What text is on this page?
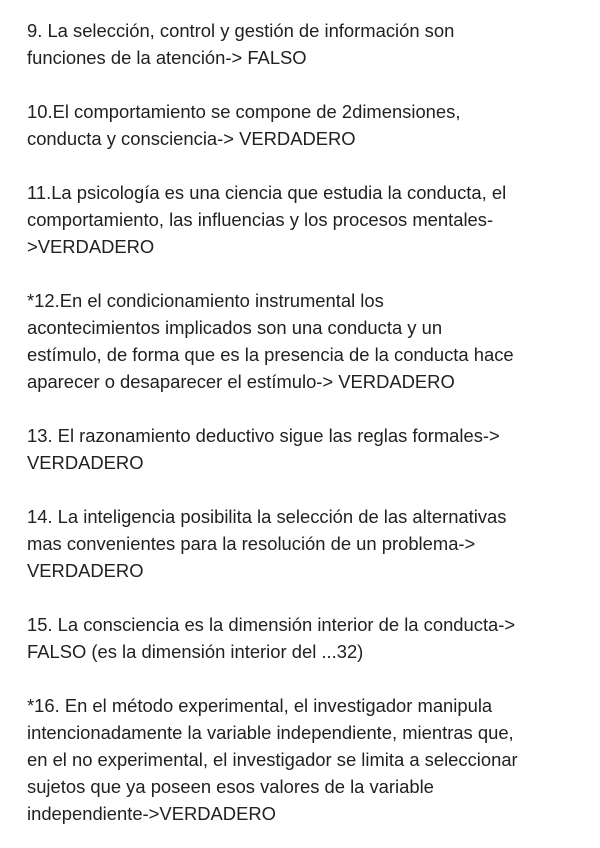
9. La selección, control y gestión de información son
funciones de la atención-> FALSO

10.El comportamiento se compone de 2dimensiones,
conducta y consciencia-> VERDADERO

11.La psicología es una ciencia que estudia la conducta, el
comportamiento, las influencias y los procesos mentales-
>VERDADERO

*12.En el condicionamiento instrumental los
acontecimientos implicados son una conducta y un
estímulo, de forma que es la presencia de la conducta hace
aparecer o desaparecer el estímulo-> VERDADERO

13. El razonamiento deductivo sigue las reglas formales->
VERDADERO

14. La inteligencia posibilita la selección de las alternativas
mas convenientes para la resolución de un problema->
VERDADERO

15. La consciencia es la dimensión interior de la conducta->
FALSO (es la dimensión interior del ...32)

*16. En el método experimental, el investigador manipula
intencionadamente la variable independiente, mientras que,
en el no experimental, el investigador se limita a seleccionar
sujetos que ya poseen esos valores de la variable
independiente->VERDADERO
